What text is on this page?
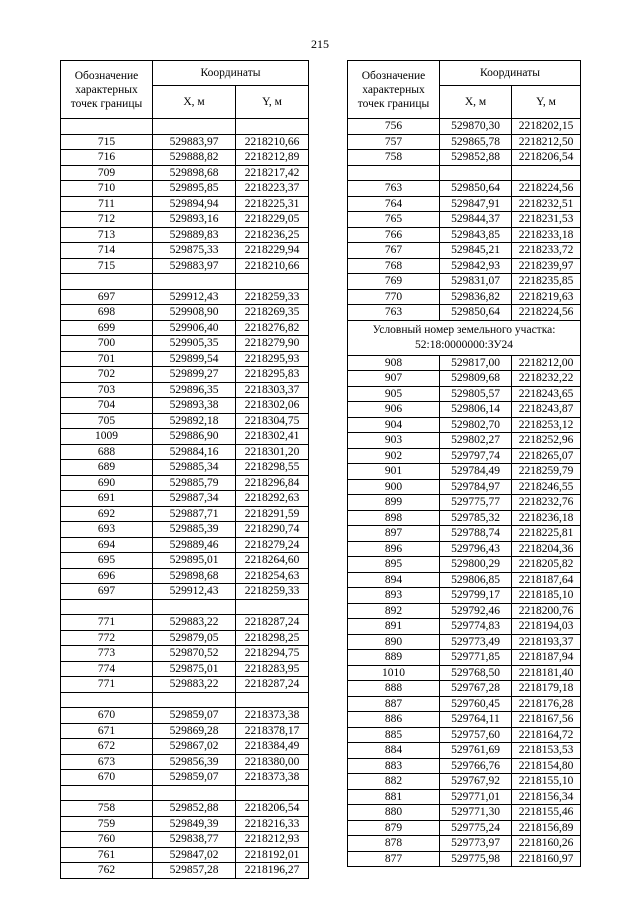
215
Обозначение характерных точек границы	Координаты	
	X, м	Y, м

715	529883,97	2218210,66
716	529888,82	2218212,89
709	529898,68	2218217,42
710	529895,85	2218223,37
711	529894,94	2218225,31
712	529893,16	2218229,05
713	529889,83	2218236,25
714	529875,33	2218229,94
715	529883,97	2218210,66

697	529912,43	2218259,33
698	529908,90	2218269,35
699	529906,40	2218276,82
700	529905,35	2218279,90
701	529899,54	2218295,93
702	529899,27	2218295,83
703	529896,35	2218303,37
704	529893,38	2218302,06
705	529892,18	2218304,75
1009	529886,90	2218302,41
688	529884,16	2218301,20
689	529885,34	2218298,55
690	529885,79	2218296,84
691	529887,34	2218292,63
692	529887,71	2218291,59
693	529885,39	2218290,74
694	529889,46	2218279,24
695	529895,01	2218264,60
696	529898,68	2218254,63
697	529912,43	2218259,33

771	529883,22	2218287,24
772	529879,05	2218298,25
773	529870,52	2218294,75
774	529875,01	2218283,95
771	529883,22	2218287,24

670	529859,07	2218373,38
671	529869,28	2218378,17
672	529867,02	2218384,49
673	529856,39	2218380,00
670	529859,07	2218373,38

758	529852,88	2218206,54
759	529849,39	2218216,33
760	529838,77	2218212,93
761	529847,02	2218192,01
762	529857,28	2218196,27
Обозначение характерных точек границы	Координаты	
	X, м	Y, м
756	529870,30	2218202,15
757	529865,78	2218212,50
758	529852,88	2218206,54

763	529850,64	2218224,56
764	529847,91	2218232,51
765	529844,37	2218231,53
766	529843,85	2218233,18
767	529845,21	2218233,72
768	529842,93	2218239,97
769	529831,07	2218235,85
770	529836,82	2218219,63
763	529850,64	2218224,56
Условный номер земельного участка: 52:18:0000000:ЗУ24		
908	529817,00	2218212,00
907	529809,68	2218232,22
905	529805,57	2218243,65
906	529806,14	2218243,87
904	529802,70	2218253,12
903	529802,27	2218252,96
902	529797,74	2218265,07
901	529784,49	2218259,79
900	529784,97	2218246,55
899	529775,77	2218232,76
898	529785,32	2218236,18
897	529788,74	2218225,81
896	529796,43	2218204,36
895	529800,29	2218205,82
894	529806,85	2218187,64
893	529799,17	2218185,10
892	529792,46	2218200,76
891	529774,83	2218194,03
890	529773,49	2218193,37
889	529771,85	2218187,94
1010	529768,50	2218181,40
888	529767,28	2218179,18
887	529760,45	2218176,28
886	529764,11	2218167,56
885	529757,60	2218164,72
884	529761,69	2218153,53
883	529766,76	2218154,80
882	529767,92	2218155,10
881	529771,01	2218156,34
880	529771,30	2218155,46
879	529775,24	2218156,89
878	529773,97	2218160,26
877	529775,98	2218160,97
